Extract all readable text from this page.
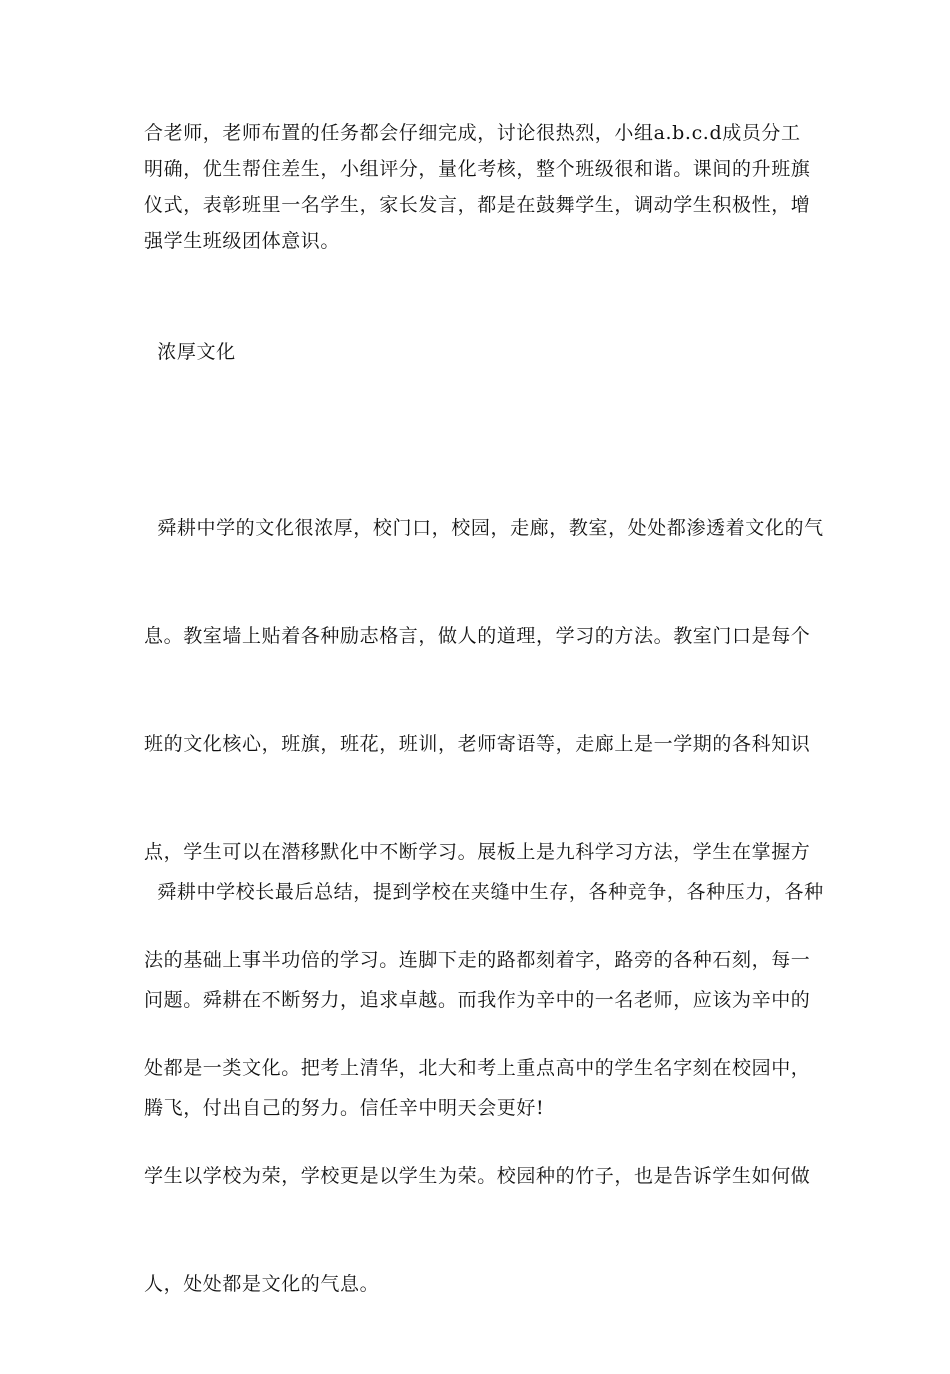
合老师，老师布置的任务都会仔细完成，讨论很热烈，小组a.b.c.d成员分工
明确，优生帮住差生，小组评分，量化考核，整个班级很和谐。课间的升班旗
仪式，表彰班里一名学生，家长发言，都是在鼓舞学生，调动学生积极性，增
强学生班级团体意识。
浓厚文化

舜耕中学的文化很浓厚，校门口，校园，走廊，教室，处处都渗透着文化的气

息。教室墙上贴着各种励志格言，做人的道理，学习的方法。教室门口是每个

班的文化核心，班旗，班花，班训，老师寄语等，走廊上是一学期的各科知识

点，学生可以在潜移默化中不断学习。展板上是九科学习方法，学生在掌握方

法的基础上事半功倍的学习。连脚下走的路都刻着字，路旁的各种石刻，每一

处都是一类文化。把考上清华，北大和考上重点高中的学生名字刻在校园中，

学生以学校为荣，学校更是以学生为荣。校园种的竹子，也是告诉学生如何做

人，处处都是文化的气息。

舜耕中学校长最后总结，提到学校在夹缝中生存，各种竞争，各种压力，各种

问题。舜耕在不断努力，追求卓越。而我作为辛中的一名老师，应该为辛中的

腾飞，付出自己的努力。信任辛中明天会更好!
